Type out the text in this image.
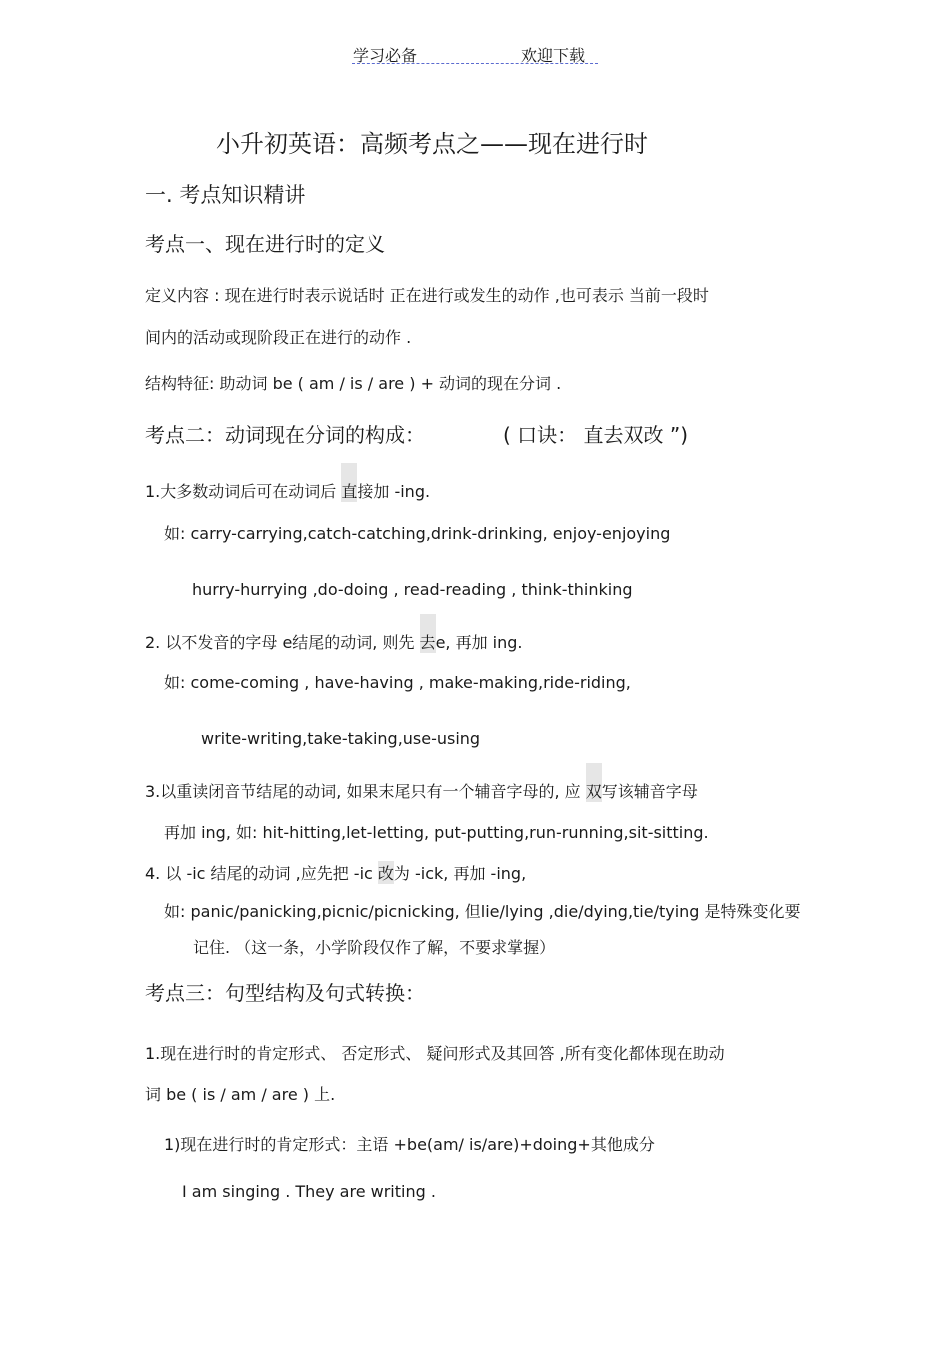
学习必备	欢迎下载
小升初英语：高频考点之——现在进行时
一. 考点知识精讲
考点一、现在进行时的定义
定义内容 : 现在进行时表示说话时 正在进行或发生的动作 ,也可表示 当前一段时
间内的活动或现阶段正在进行的动作 .
结构特征: 助动词 be ( am / is / are ) + 动词的现在分词 .
考点二：动词现在分词的构成：	( 口诀： 直去双改 ”)
1.大多数动词后可在动词后 直接加 -ing.
如: carry-carrying,catch-catching,drink-drinking, enjoy-enjoying
hurry-hurrying ,do-doing , read-reading , think-thinking
2. 以不发音的字母 e结尾的动词, 则先 去e, 再加 ing.
如: come-coming , have-having , make-making,ride-riding,
write-writing,take-taking,use-using
3.以重读闭音节结尾的动词, 如果末尾只有一个辅音字母的, 应 双写该辅音字母
再加 ing, 如: hit-hitting,let-letting, put-putting,run-running,sit-sitting.
4. 以 -ic 结尾的动词 ,应先把 -ic 改为 -ick, 再加 -ing,
如: panic/panicking,picnic/picnicking, 但lie/lying ,die/dying,tie/tying 是特殊变化要
记住. （这一条，小学阶段仅作了解，不要求掌握）
考点三：句型结构及句式转换：
1.现在进行时的肯定形式、 否定形式、 疑问形式及其回答 ,所有变化都体现在助动
词 be ( is / am / are ) 上.
1)现在进行时的肯定形式：主语 +be(am/ is/are)+doing+其他成分
I am singing . They are writing .
